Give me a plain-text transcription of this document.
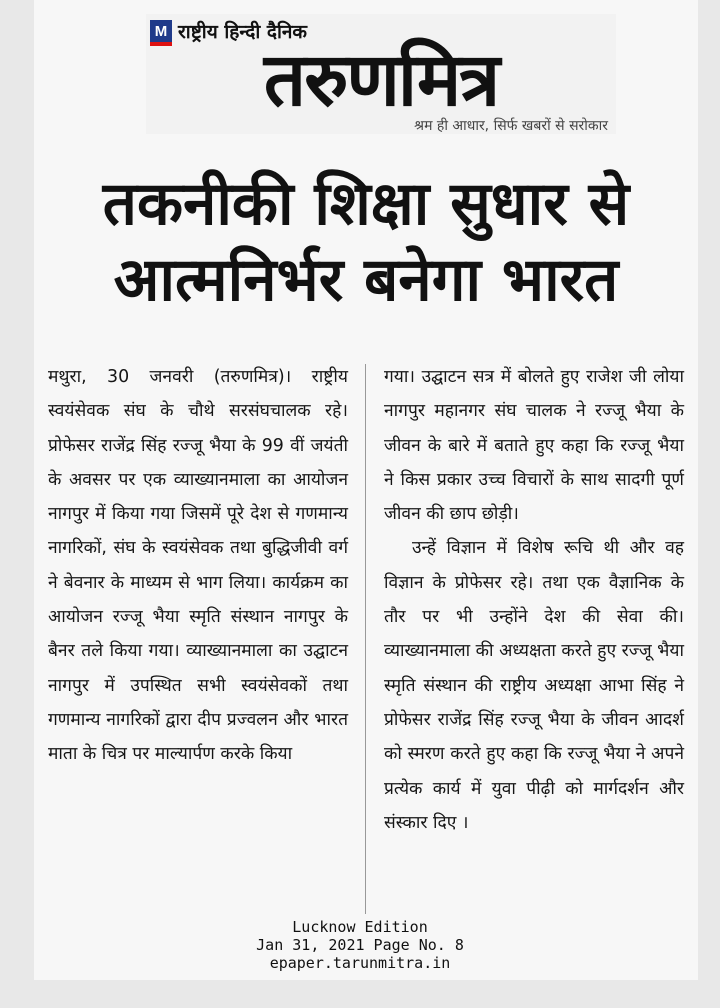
M राष्ट्रीय हिन्दी दैनिक
तरुणमित्र
श्रम ही आधार, सिर्फ खबरों से सरोकार
तकनीकी शिक्षा सुधार से
आत्मनिर्भर बनेगा भारत

मथुरा, 30 जनवरी (तरुणमित्र)। राष्ट्रीय स्वयंसेवक संघ के चौथे सरसंघचालक रहे। प्रोफेसर राजेंद्र सिंह रज्जू भैया के 99 वीं जयंती के अवसर पर एक व्याख्यानमाला का आयोजन नागपुर में किया गया जिसमें पूरे देश से गणमान्य नागरिकों, संघ के स्वयंसेवक तथा बुद्धिजीवी वर्ग ने बेवनार के माध्यम से भाग लिया। कार्यक्रम का आयोजन रज्जू भैया स्मृति संस्थान नागपुर के बैनर तले किया गया। व्याख्यानमाला का उद्घाटन नागपुर में उपस्थित सभी स्वयंसेवकों तथा गणमान्य नागरिकों द्वारा दीप प्रज्वलन और भारत माता के चित्र पर माल्यार्पण करके किया

गया। उद्घाटन सत्र में बोलते हुए राजेश जी लोया नागपुर महानगर संघ चालक ने रज्जू भैया के जीवन के बारे में बताते हुए कहा कि रज्जू भैया ने किस प्रकार उच्च विचारों के साथ सादगी पूर्ण जीवन की छाप छोड़ी।

उन्हें विज्ञान में विशेष रूचि थी और वह विज्ञान के प्रोफेसर रहे। तथा एक वैज्ञानिक के तौर पर भी उन्होंने देश की सेवा की। व्याख्यानमाला की अध्यक्षता करते हुए रज्जू भैया स्मृति संस्थान की राष्ट्रीय अध्यक्षा आभा सिंह ने प्रोफेसर राजेंद्र सिंह रज्जू भैया के जीवन आदर्श को स्मरण करते हुए कहा कि रज्जू भैया ने अपने प्रत्येक कार्य में युवा पीढ़ी को मार्गदर्शन और संस्कार दिए ।

Lucknow Edition
Jan 31, 2021 Page No. 8
epaper.tarunmitra.in
